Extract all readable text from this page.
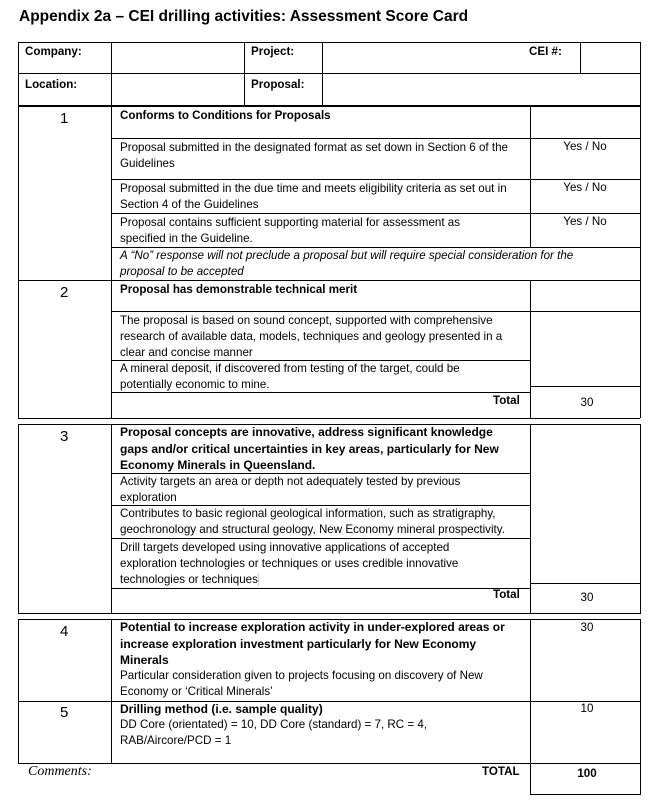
Appendix 2a – CEI drilling activities: Assessment Score Card
Company:	Project:	CEI #:
Location:	Proposal:
1	Conforms to Conditions for Proposals
Proposal submitted in the designated format as set down in Section 6 of the
Guidelines
Yes / No
Proposal submitted in the due time and meets eligibility criteria as set out in
Section 4 of the Guidelines
Yes / No
Proposal contains sufficient supporting material for assessment as
specified in the Guideline.
Yes / No
A “No” response will not preclude a proposal but will require special consideration for the
proposal to be accepted
2	Proposal has demonstrable technical merit
The proposal is based on sound concept, supported with comprehensive
research of available data, models, techniques and geology presented in a
clear and concise manner
A mineral deposit, if discovered from testing of the target, could be
potentially economic to mine.
Total	30
3	Proposal concepts are innovative, address significant knowledge
gaps and/or critical uncertainties in key areas, particularly for New
Economy Minerals in Queensland.
Activity targets an area or depth not adequately tested by previous
exploration
Contributes to basic regional geological information, such as stratigraphy,
geochronology and structural geology, New Economy mineral prospectivity.
Drill targets developed using innovative applications of accepted
exploration technologies or techniques or uses credible innovative
technologies or techniques 
Total	30
4	Potential to increase exploration activity in under-explored areas or
increase exploration investment particularly for New Economy
Minerals
Particular consideration given to projects focusing on discovery of New
Economy or ‘Critical Minerals’
30
5	Drilling method (i.e. sample quality)
DD Core (orientated) = 10, DD Core (standard) = 7, RC = 4,
RAB/Aircore/PCD = 1
10
Comments:	TOTAL	100
